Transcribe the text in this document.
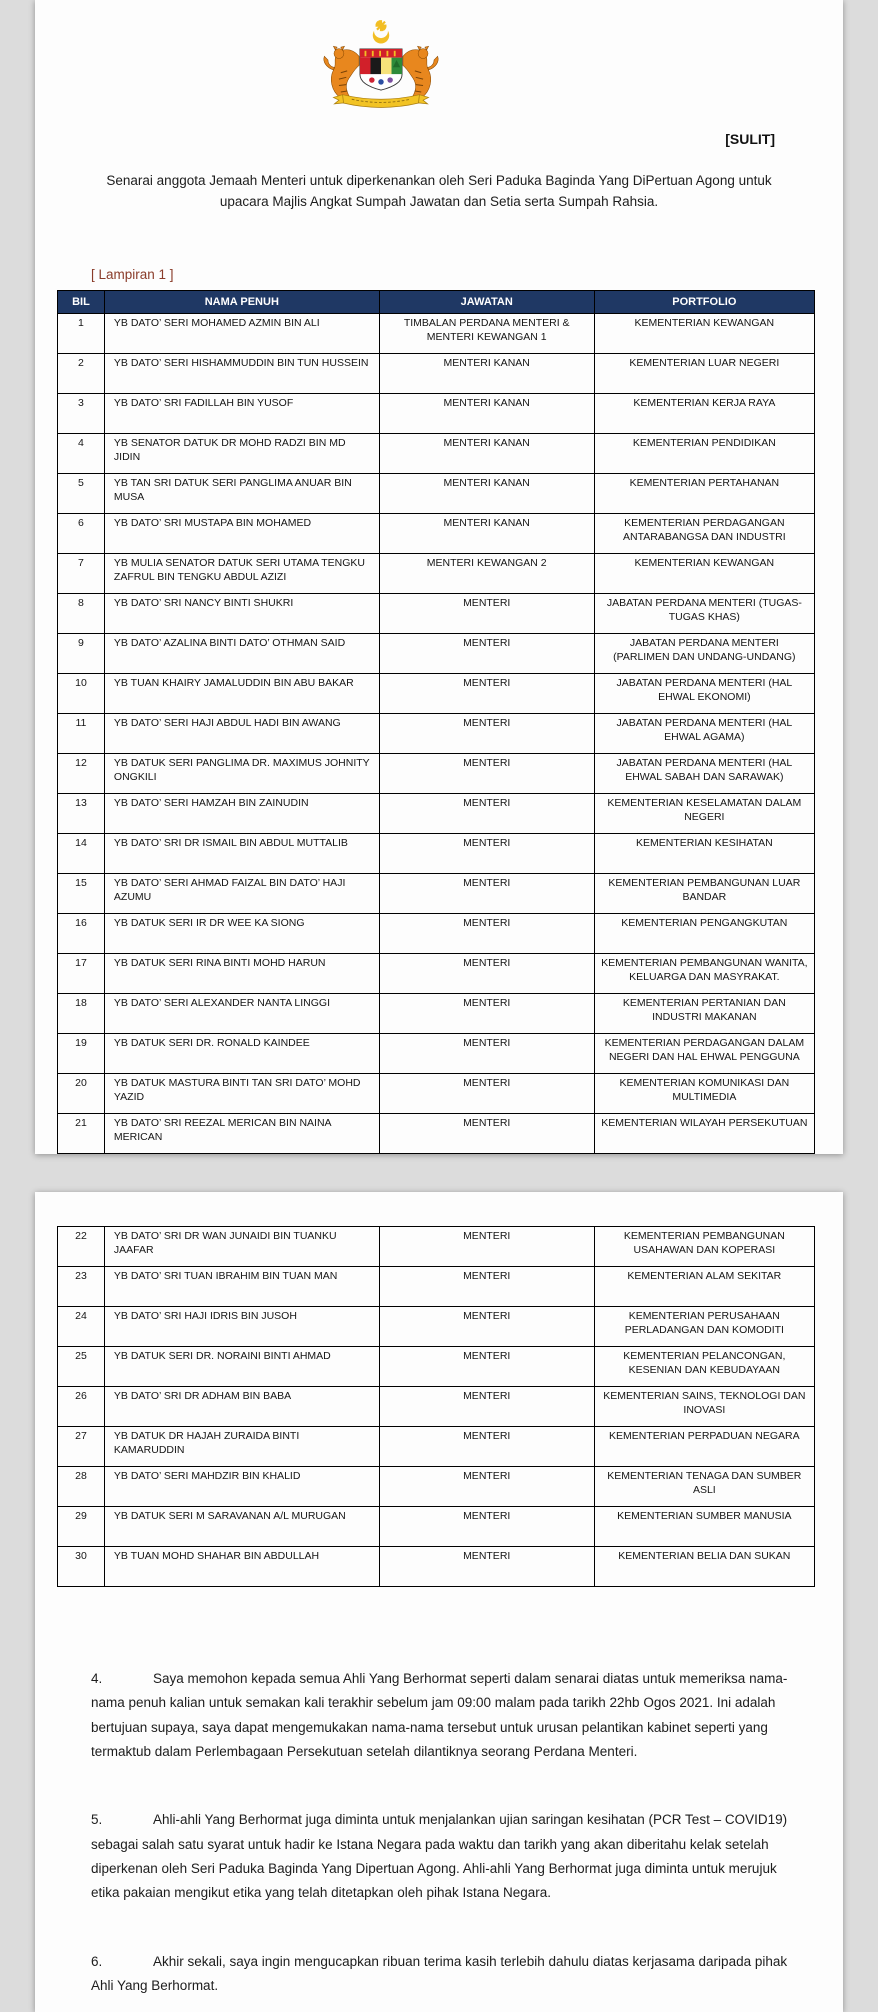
[SULIT]

Senarai anggota Jemaah Menteri untuk diperkenankan oleh Seri Paduka Baginda Yang DiPertuan Agong untuk upacara Majlis Angkat Sumpah Jawatan dan Setia serta Sumpah Rahsia.

[ Lampiran 1 ]
BIL	NAMA PENUH	JAWATAN	PORTFOLIO
1	YB DATO’ SERI MOHAMED AZMIN BIN ALI	TIMBALAN PERDANA MENTERI & MENTERI KEWANGAN 1	KEMENTERIAN KEWANGAN
2	YB DATO’ SERI HISHAMMUDDIN BIN TUN HUSSEIN	MENTERI KANAN	KEMENTERIAN LUAR NEGERI
3	YB DATO’ SRI FADILLAH BIN YUSOF	MENTERI KANAN	KEMENTERIAN KERJA RAYA
4	YB SENATOR DATUK DR MOHD RADZI BIN MD JIDIN	MENTERI KANAN	KEMENTERIAN PENDIDIKAN
5	YB TAN SRI DATUK SERI PANGLIMA ANUAR BIN MUSA	MENTERI KANAN	KEMENTERIAN PERTAHANAN
6	YB DATO’ SRI MUSTAPA BIN MOHAMED	MENTERI KANAN	KEMENTERIAN PERDAGANGAN ANTARABANGSA DAN INDUSTRI
7	YB MULIA SENATOR DATUK SERI UTAMA TENGKU ZAFRUL BIN TENGKU ABDUL AZIZI	MENTERI KEWANGAN 2	KEMENTERIAN KEWANGAN
8	YB DATO’ SRI NANCY BINTI SHUKRI	MENTERI	JABATAN PERDANA MENTERI (TUGAS-TUGAS KHAS)
9	YB DATO’ AZALINA BINTI DATO’ OTHMAN SAID	MENTERI	JABATAN PERDANA MENTERI (PARLIMEN DAN UNDANG-UNDANG)
10	YB TUAN KHAIRY JAMALUDDIN BIN ABU BAKAR	MENTERI	JABATAN PERDANA MENTERI (HAL EHWAL EKONOMI)
11	YB DATO’ SERI HAJI ABDUL HADI BIN AWANG	MENTERI	JABATAN PERDANA MENTERI (HAL EHWAL AGAMA)
12	YB DATUK SERI PANGLIMA DR. MAXIMUS JOHNITY ONGKILI	MENTERI	JABATAN PERDANA MENTERI (HAL EHWAL SABAH DAN SARAWAK)
13	YB DATO’ SERI HAMZAH BIN ZAINUDIN	MENTERI	KEMENTERIAN KESELAMATAN DALAM NEGERI
14	YB DATO’ SRI DR ISMAIL BIN ABDUL MUTTALIB	MENTERI	KEMENTERIAN KESIHATAN
15	YB DATO’ SERI AHMAD FAIZAL BIN DATO’ HAJI AZUMU	MENTERI	KEMENTERIAN PEMBANGUNAN LUAR BANDAR
16	YB DATUK SERI IR DR WEE KA SIONG	MENTERI	KEMENTERIAN PENGANGKUTAN
17	YB DATUK SERI RINA BINTI MOHD HARUN	MENTERI	KEMENTERIAN PEMBANGUNAN WANITA, KELUARGA DAN MASYRAKAT.
18	YB DATO’ SERI ALEXANDER NANTA LINGGI	MENTERI	KEMENTERIAN PERTANIAN DAN INDUSTRI MAKANAN
19	YB DATUK SERI DR. RONALD KAINDEE	MENTERI	KEMENTERIAN PERDAGANGAN DALAM NEGERI DAN HAL EHWAL PENGGUNA
20	YB DATUK MASTURA BINTI TAN SRI DATO’ MOHD YAZID	MENTERI	KEMENTERIAN KOMUNIKASI DAN MULTIMEDIA
21	YB DATO’ SRI REEZAL MERICAN BIN NAINA MERICAN	MENTERI	KEMENTERIAN WILAYAH PERSEKUTUAN
22	YB DATO’ SRI DR WAN JUNAIDI BIN TUANKU JAAFAR	MENTERI	KEMENTERIAN PEMBANGUNAN USAHAWAN DAN KOPERASI
23	YB DATO’ SRI TUAN IBRAHIM BIN TUAN MAN	MENTERI	KEMENTERIAN ALAM SEKITAR
24	YB DATO’ SRI HAJI IDRIS BIN JUSOH	MENTERI	KEMENTERIAN PERUSAHAAN PERLADANGAN DAN KOMODITI
25	YB DATUK SERI DR. NORAINI BINTI AHMAD	MENTERI	KEMENTERIAN PELANCONGAN, KESENIAN DAN KEBUDAYAAN
26	YB DATO’ SRI DR ADHAM BIN BABA	MENTERI	KEMENTERIAN SAINS, TEKNOLOGI DAN INOVASI
27	YB DATUK DR HAJAH ZURAIDA BINTI KAMARUDDIN	MENTERI	KEMENTERIAN PERPADUAN NEGARA
28	YB DATO’ SERI MAHDZIR BIN KHALID	MENTERI	KEMENTERIAN TENAGA DAN SUMBER ASLI
29	YB DATUK SERI M SARAVANAN A/L MURUGAN	MENTERI	KEMENTERIAN SUMBER MANUSIA
30	YB TUAN MOHD SHAHAR BIN ABDULLAH	MENTERI	KEMENTERIAN BELIA DAN SUKAN

4.	Saya memohon kepada semua Ahli Yang Berhormat seperti dalam senarai diatas untuk memeriksa nama-nama penuh kalian untuk semakan kali terakhir sebelum jam 09:00 malam pada tarikh 22hb Ogos 2021. Ini adalah bertujuan supaya, saya dapat mengemukakan nama-nama tersebut untuk urusan pelantikan kabinet seperti yang termaktub dalam Perlembagaan Persekutuan setelah dilantiknya seorang Perdana Menteri.

5.	Ahli-ahli Yang Berhormat juga diminta untuk menjalankan ujian saringan kesihatan (PCR Test – COVID19) sebagai salah satu syarat untuk hadir ke Istana Negara pada waktu dan tarikh yang akan diberitahu kelak setelah diperkenan oleh Seri Paduka Baginda Yang Dipertuan Agong. Ahli-ahli Yang Berhormat juga diminta untuk merujuk etika pakaian mengikut etika yang telah ditetapkan oleh pihak Istana Negara.

6.	Akhir sekali, saya ingin mengucapkan ribuan terima kasih terlebih dahulu diatas kerjasama daripada pihak Ahli Yang Berhormat.
